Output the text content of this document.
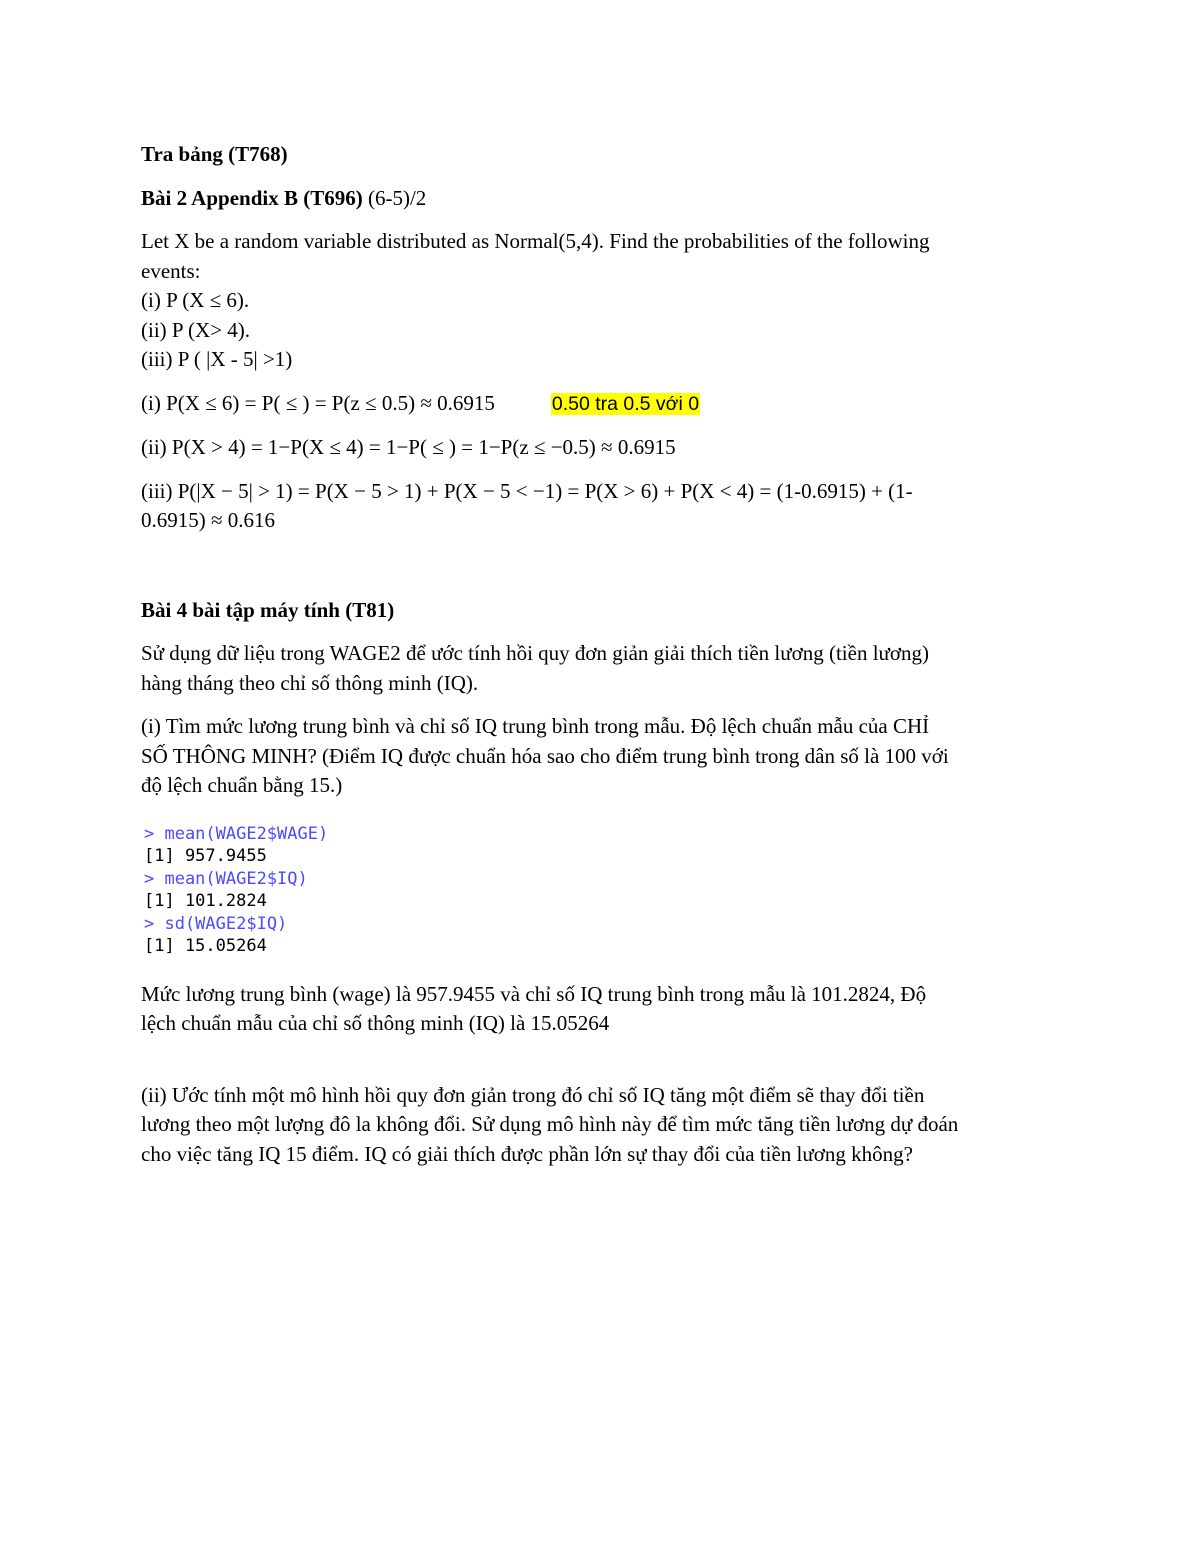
Tra bảng (T768)
Bài 2 Appendix B (T696) (6-5)/2

Let X be a random variable distributed as Normal(5,4). Find the probabilities of the following
events:
(i) P (X ≤ 6).
(ii) P (X> 4).
(iii) P ( |X - 5| >1)

(i) P(X ≤ 6) = P( ≤ ) = P(z ≤ 0.5) ≈ 0.6915	0.50 tra 0.5 với 0

(ii) P(X > 4) = 1−P(X ≤ 4) = 1−P( ≤ ) = 1−P(z ≤ −0.5) ≈ 0.6915

(iii) P(|X − 5| > 1) = P(X − 5 > 1) + P(X − 5 < −1) = P(X > 6) + P(X < 4) = (1-0.6915) + (1-
0.6915) ≈ 0.616

Bài 4 bài tập máy tính (T81)

Sử dụng dữ liệu trong WAGE2 để ước tính hồi quy đơn giản giải thích tiền lương (tiền lương)
hàng tháng theo chỉ số thông minh (IQ).

(i) Tìm mức lương trung bình và chỉ số IQ trung bình trong mẫu. Độ lệch chuẩn mẫu của CHỈ
SỐ THÔNG MINH? (Điểm IQ được chuẩn hóa sao cho điểm trung bình trong dân số là 100 với
độ lệch chuẩn bằng 15.)

> mean(WAGE2$WAGE)
[1] 957.9455
> mean(WAGE2$IQ)
[1] 101.2824
> sd(WAGE2$IQ)
[1] 15.05264

Mức lương trung bình (wage) là 957.9455 và chỉ số IQ trung bình trong mẫu là 101.2824, Độ
lệch chuẩn mẫu của chỉ số thông minh (IQ) là 15.05264

(ii) Ước tính một mô hình hồi quy đơn giản trong đó chỉ số IQ tăng một điểm sẽ thay đổi tiền
lương theo một lượng đô la không đổi. Sử dụng mô hình này để tìm mức tăng tiền lương dự đoán
cho việc tăng IQ 15 điểm. IQ có giải thích được phần lớn sự thay đổi của tiền lương không?
